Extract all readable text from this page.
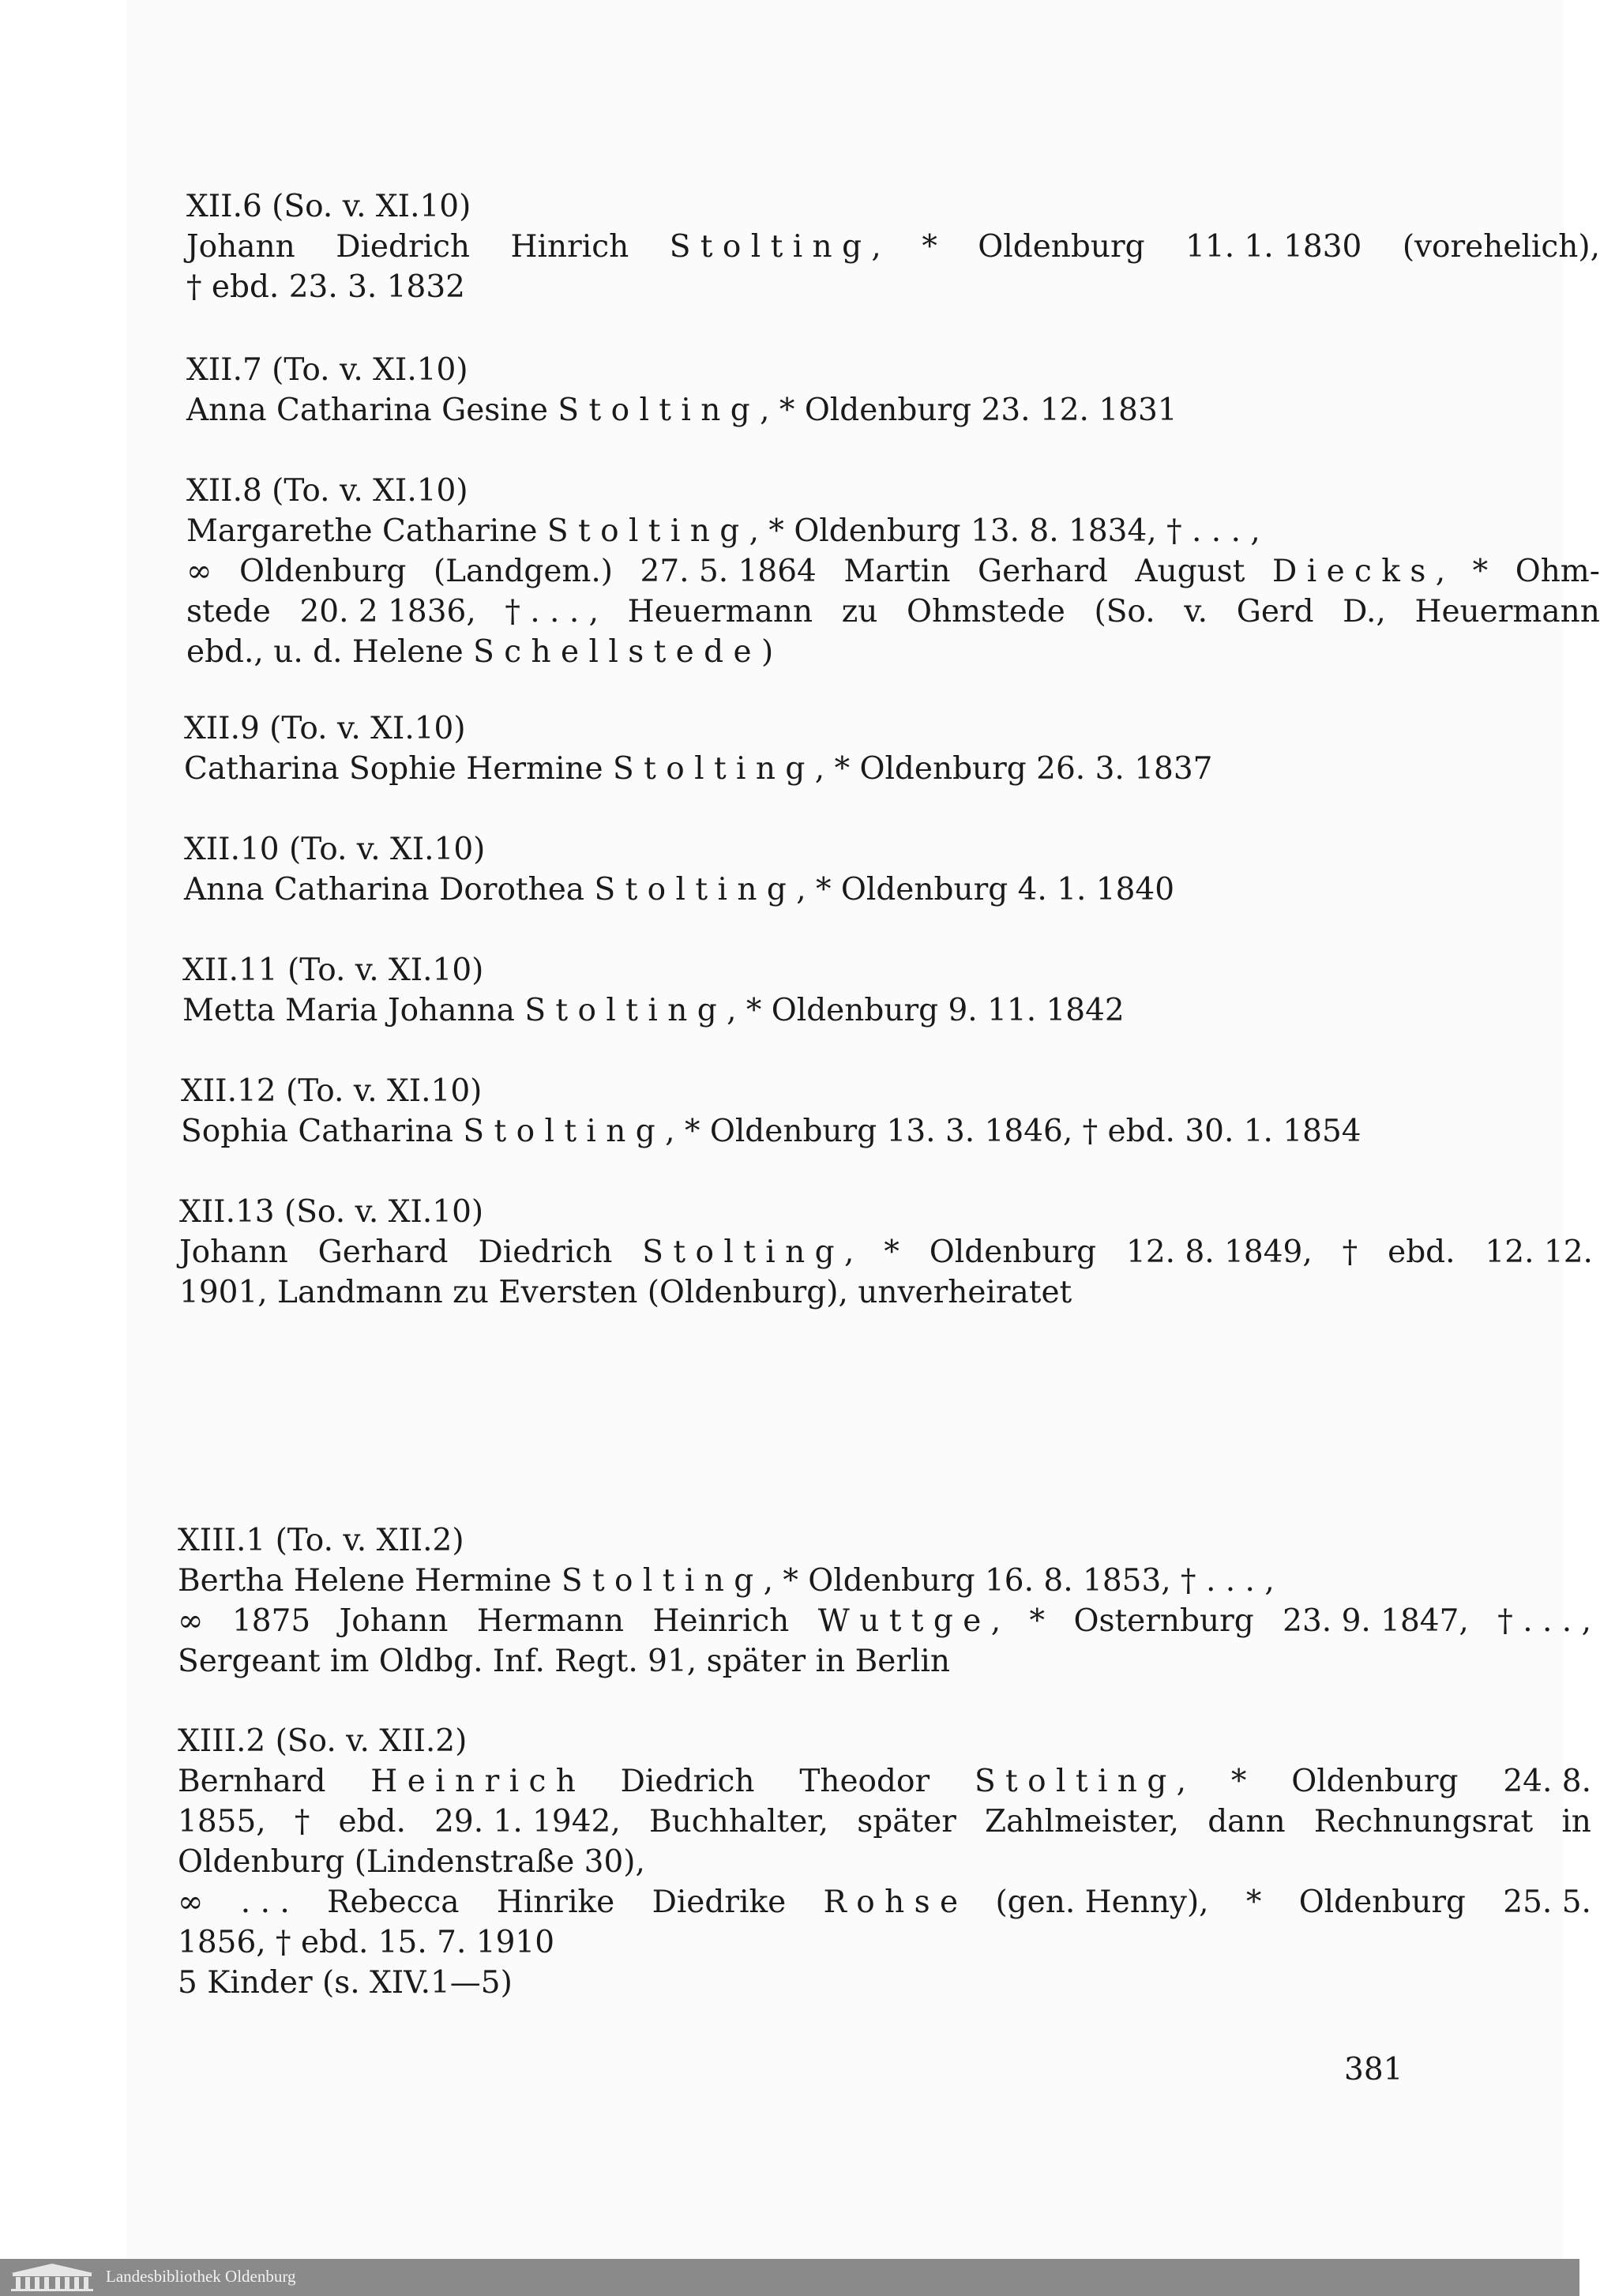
XII.6 (So. v. XI.10)
Johann Diedrich Hinrich S t o l t i n g , * Oldenburg 11. 1. 1830 (vorehelich),
† ebd. 23. 3. 1832
XII.7 (To. v. XI.10)
Anna Catharina Gesine S t o l t i n g , * Oldenburg 23. 12. 1831
XII.8 (To. v. XI.10)
Margarethe Catharine S t o l t i n g , * Oldenburg 13. 8. 1834, † . . . ,
∞ Oldenburg (Landgem.) 27. 5. 1864 Martin Gerhard August D i e c k s , * Ohm-
stede 20. 2 1836, † . . . , Heuermann zu Ohmstede (So. v. Gerd D., Heuermann
ebd., u. d. Helene S c h e l l s t e d e )
XII.9 (To. v. XI.10)
Catharina Sophie Hermine S t o l t i n g , * Oldenburg 26. 3. 1837
XII.10 (To. v. XI.10)
Anna Catharina Dorothea S t o l t i n g , * Oldenburg 4. 1. 1840
XII.11 (To. v. XI.10)
Metta Maria Johanna S t o l t i n g , * Oldenburg 9. 11. 1842
XII.12 (To. v. XI.10)
Sophia Catharina S t o l t i n g , * Oldenburg 13. 3. 1846, † ebd. 30. 1. 1854
XII.13 (So. v. XI.10)
Johann Gerhard Diedrich S t o l t i n g , * Oldenburg 12. 8. 1849, † ebd. 12. 12.
1901, Landmann zu Eversten (Oldenburg), unverheiratet
XIII.1 (To. v. XII.2)
Bertha Helene Hermine S t o l t i n g , * Oldenburg 16. 8. 1853, † . . . ,
∞ 1875 Johann Hermann Heinrich W u t t g e , * Osternburg 23. 9. 1847, † . . . ,
Sergeant im Oldbg. Inf. Regt. 91, später in Berlin
XIII.2 (So. v. XII.2)
Bernhard H e i n r i c h Diedrich Theodor S t o l t i n g , * Oldenburg 24. 8.
1855, † ebd. 29. 1. 1942, Buchhalter, später Zahlmeister, dann Rechnungsrat in
Oldenburg (Lindenstraße 30),
∞ . . . Rebecca Hinrike Diedrike R o h s e (gen. Henny), * Oldenburg 25. 5.
1856, † ebd. 15. 7. 1910
5 Kinder (s. XIV.1—5)
381
Landesbibliothek Oldenburg
